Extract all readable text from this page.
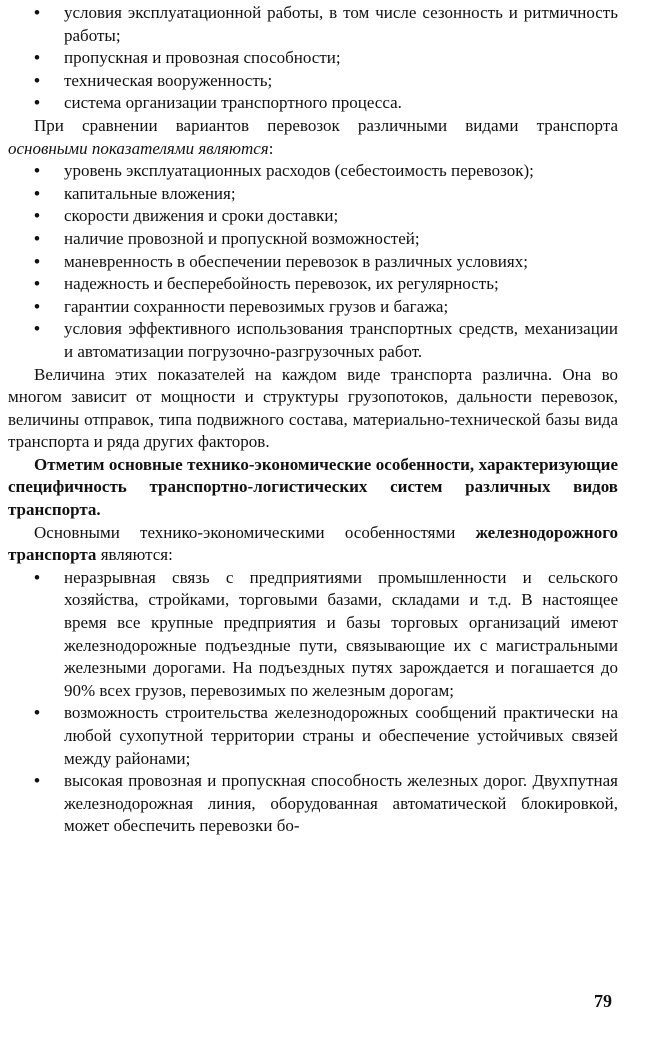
• условия эксплуатационной работы, в том числе сезонность и ритмичность работы;
• пропускная и провозная способности;
• техническая вооруженность;
• система организации транспортного процесса.

При сравнении вариантов перевозок различными видами транспорта основными показателями являются:

• уровень эксплуатационных расходов (себестоимость перевозок);
• капитальные вложения;
• скорости движения и сроки доставки;
• наличие провозной и пропускной возможностей;
• маневренность в обеспечении перевозок в различных условиях;
• надежность и бесперебойность перевозок, их регулярность;
• гарантии сохранности перевозимых грузов и багажа;
• условия эффективного использования транспортных средств, механизации и автоматизации погрузочно-разгрузочных работ.

Величина этих показателей на каждом виде транспорта различна. Она во многом зависит от мощности и структуры грузопотоков, дальности перевозок, величины отправок, типа подвижного состава, материально-технической базы вида транспорта и ряда других факторов.

Отметим основные технико-экономические особенности, характеризующие специфичность транспортно-логистических систем различных видов транспорта.

Основными технико-экономическими особенностями железнодорожного транспорта являются:

• неразрывная связь с предприятиями промышленности и сельского хозяйства, стройками, торговыми базами, складами и т.д. В настоящее время все крупные предприятия и базы торговых организаций имеют железнодорожные подъездные пути, связывающие их с магистральными железными дорогами. На подъездных путях зарождается и погашается до 90% всех грузов, перевозимых по железным дорогам;
• возможность строительства железнодорожных сообщений практически на любой сухопутной территории страны и обеспечение устойчивых связей между районами;
• высокая провозная и пропускная способность железных дорог. Двухпутная железнодорожная линия, оборудованная автоматической блокировкой, может обеспечить перевозки бо-
79
